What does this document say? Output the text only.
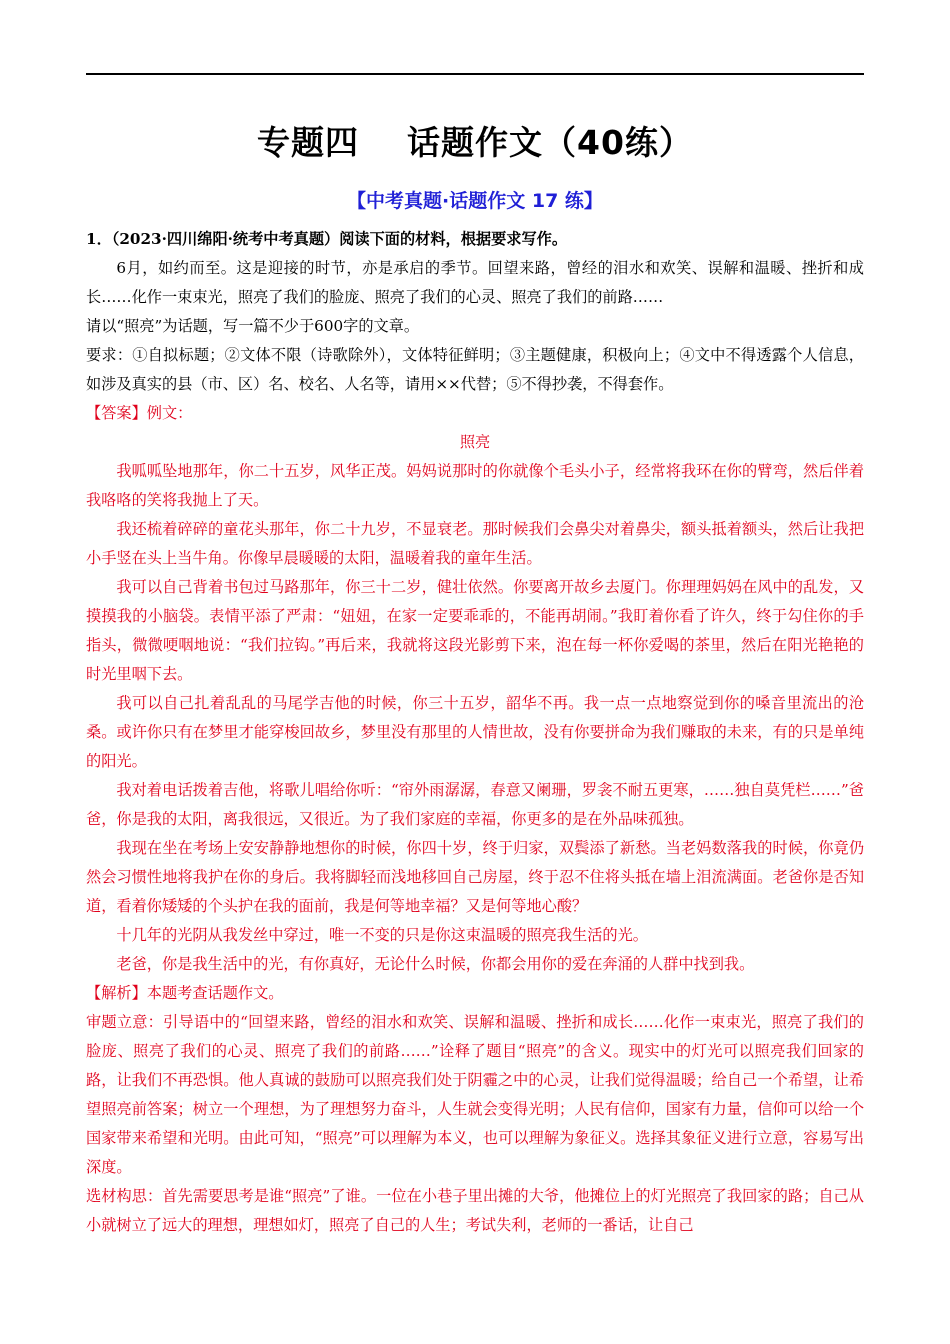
专题四 话题作文（40练）
【中考真题·话题作文 17 练】

1．（2023·四川绵阳·统考中考真题）阅读下面的材料，根据要求写作。

6月，如约而至。这是迎接的时节，亦是承启的季节。回望来路，曾经的泪水和欢笑、误解和温暖、挫折和成长……化作一束束光，照亮了我们的脸庞、照亮了我们的心灵、照亮了我们的前路……

请以“照亮”为话题，写一篇不少于600字的文章。

要求：①自拟标题；②文体不限（诗歌除外），文体特征鲜明；③主题健康，积极向上；④文中不得透露个人信息，如涉及真实的县（市、区）名、校名、人名等，请用××代替；⑤不得抄袭，不得套作。

【答案】例文：

照亮

我呱呱坠地那年，你二十五岁，风华正茂。妈妈说那时的你就像个毛头小子，经常将我环在你的臂弯，然后伴着我咯咯的笑将我抛上了天。

我还梳着碎碎的童花头那年，你二十九岁，不显衰老。那时候我们会鼻尖对着鼻尖，额头抵着额头，然后让我把小手竖在头上当牛角。你像早晨暖暖的太阳，温暖着我的童年生活。

我可以自己背着书包过马路那年，你三十二岁，健壮依然。你要离开故乡去厦门。你理理妈妈在风中的乱发，又摸摸我的小脑袋。表情平添了严肃：“妞妞，在家一定要乖乖的，不能再胡闹。”我盯着你看了许久，终于勾住你的手指头，微微哽咽地说：“我们拉钩。”再后来，我就将这段光影剪下来，泡在每一杯你爱喝的茶里，然后在阳光艳艳的时光里咽下去。

我可以自己扎着乱乱的马尾学吉他的时候，你三十五岁，韶华不再。我一点一点地察觉到你的嗓音里流出的沧桑。或许你只有在梦里才能穿梭回故乡，梦里没有那里的人情世故，没有你要拼命为我们赚取的未来，有的只是单纯的阳光。

我对着电话拨着吉他，将歌儿唱给你听：“帘外雨潺潺，春意又阑珊，罗衾不耐五更寒，……独自莫凭栏……”爸爸，你是我的太阳，离我很远，又很近。为了我们家庭的幸福，你更多的是在外品味孤独。

我现在坐在考场上安安静静地想你的时候，你四十岁，终于归家，双鬓添了新愁。当老妈数落我的时候，你竟仍然会习惯性地将我护在你的身后。我将脚轻而浅地移回自己房屋，终于忍不住将头抵在墙上泪流满面。老爸你是否知道，看着你矮矮的个头护在我的面前，我是何等地幸福？又是何等地心酸？

十几年的光阴从我发丝中穿过，唯一不变的只是你这束温暖的照亮我生活的光。

老爸，你是我生活中的光，有你真好，无论什么时候，你都会用你的爱在奔涌的人群中找到我。

【解析】本题考查话题作文。

审题立意：引导语中的“回望来路，曾经的泪水和欢笑、误解和温暖、挫折和成长……化作一束束光，照亮了我们的脸庞、照亮了我们的心灵、照亮了我们的前路……”诠释了题目“照亮”的含义。现实中的灯光可以照亮我们回家的路，让我们不再恐惧。他人真诚的鼓励可以照亮我们处于阴霾之中的心灵，让我们觉得温暖；给自己一个希望，让希望照亮前答案；树立一个理想，为了理想努力奋斗，人生就会变得光明；人民有信仰，国家有力量，信仰可以给一个国家带来希望和光明。由此可知，“照亮”可以理解为本义，也可以理解为象征义。选择其象征义进行立意，容易写出深度。

选材构思：首先需要思考是谁“照亮”了谁。一位在小巷子里出摊的大爷，他摊位上的灯光照亮了我回家的路；自己从小就树立了远大的理想，理想如灯，照亮了自己的人生；考试失利，老师的一番话，让自己
